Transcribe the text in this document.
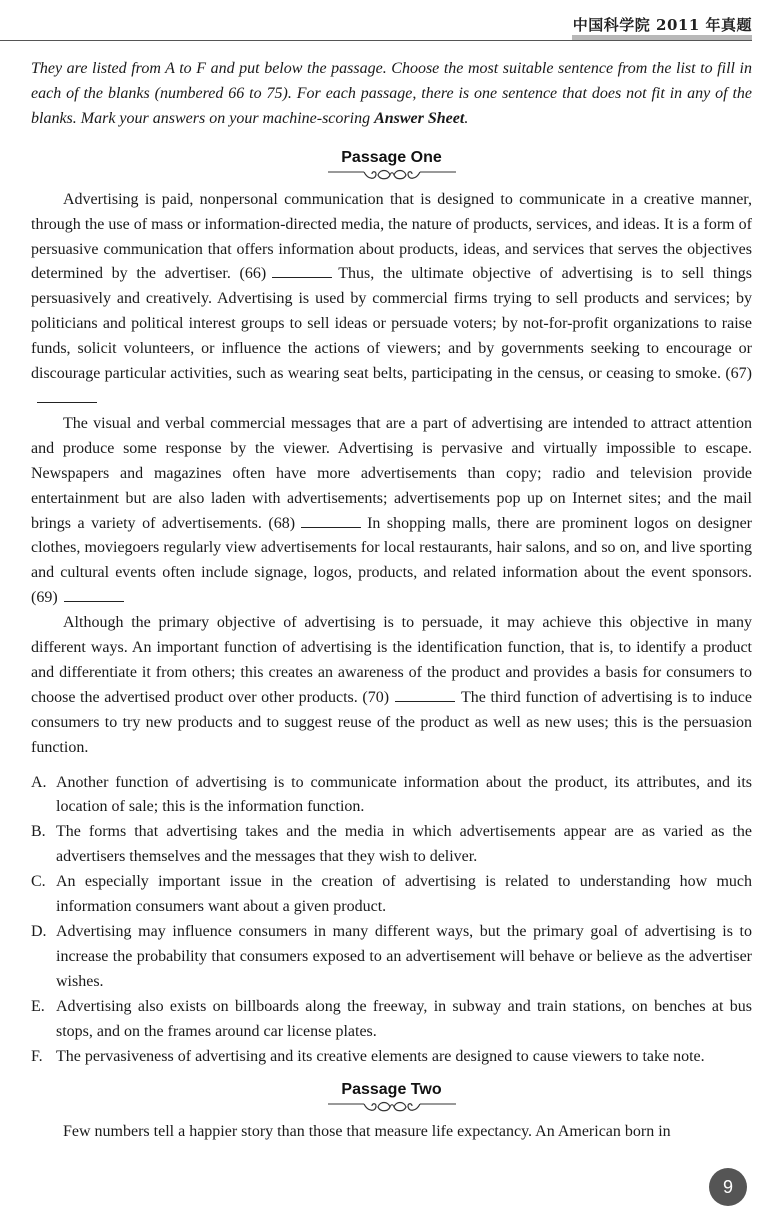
中国科学院 2011 年真题

They are listed from A to F and put below the passage. Choose the most suitable sentence from the list to fill in each of the blanks (numbered 66 to 75). For each passage, there is one sentence that does not fit in any of the blanks. Mark your answers on your machine-scoring Answer Sheet.

Passage One

Advertising is paid, nonpersonal communication that is designed to communicate in a creative manner, through the use of mass or information-directed media, the nature of products, services, and ideas. It is a form of persuasive communication that offers information about products, ideas, and services that serves the objectives determined by the advertiser. (66)	Thus, the ultimate objective of advertising is to sell things persuasively and creatively. Advertising is used by commercial firms trying to sell products and services; by politicians and political interest groups to sell ideas or persuade voters; by not-for-profit organizations to raise funds, solicit volunteers, or influence the actions of viewers; and by governments seeking to encourage or discourage particular activities, such as wearing seat belts, participating in the census, or ceasing to smoke. (67)

The visual and verbal commercial messages that are a part of advertising are intended to attract attention and produce some response by the viewer. Advertising is pervasive and virtually impossible to escape. Newspapers and magazines often have more advertisements than copy; radio and television provide entertainment but are also laden with advertisements; advertisements pop up on Internet sites; and the mail brings a variety of advertisements. (68)	In shopping malls, there are prominent logos on designer clothes, moviegoers regularly view advertisements for local restaurants, hair salons, and so on, and live sporting and cultural events often include signage, logos, products, and related information about the event sponsors. (69)

Although the primary objective of advertising is to persuade, it may achieve this objective in many different ways. An important function of advertising is the identification function, that is, to identify a product and differentiate it from others; this creates an awareness of the product and provides a basis for consumers to choose the advertised product over other products. (70)	The third function of advertising is to induce consumers to try new products and to suggest reuse of the product as well as new uses; this is the persuasion function.

A. Another function of advertising is to communicate information about the product, its attributes, and its location of sale; this is the information function.
B. The forms that advertising takes and the media in which advertisements appear are as varied as the advertisers themselves and the messages that they wish to deliver.
C. An especially important issue in the creation of advertising is related to understanding how much information consumers want about a given product.
D. Advertising may influence consumers in many different ways, but the primary goal of advertising is to increase the probability that consumers exposed to an advertisement will behave or believe as the advertiser wishes.
E. Advertising also exists on billboards along the freeway, in subway and train stations, on benches at bus stops, and on the frames around car license plates.
F. The pervasiveness of advertising and its creative elements are designed to cause viewers to take note.
Passage Two

Few numbers tell a happier story than those that measure life expectancy. An American born in

9
